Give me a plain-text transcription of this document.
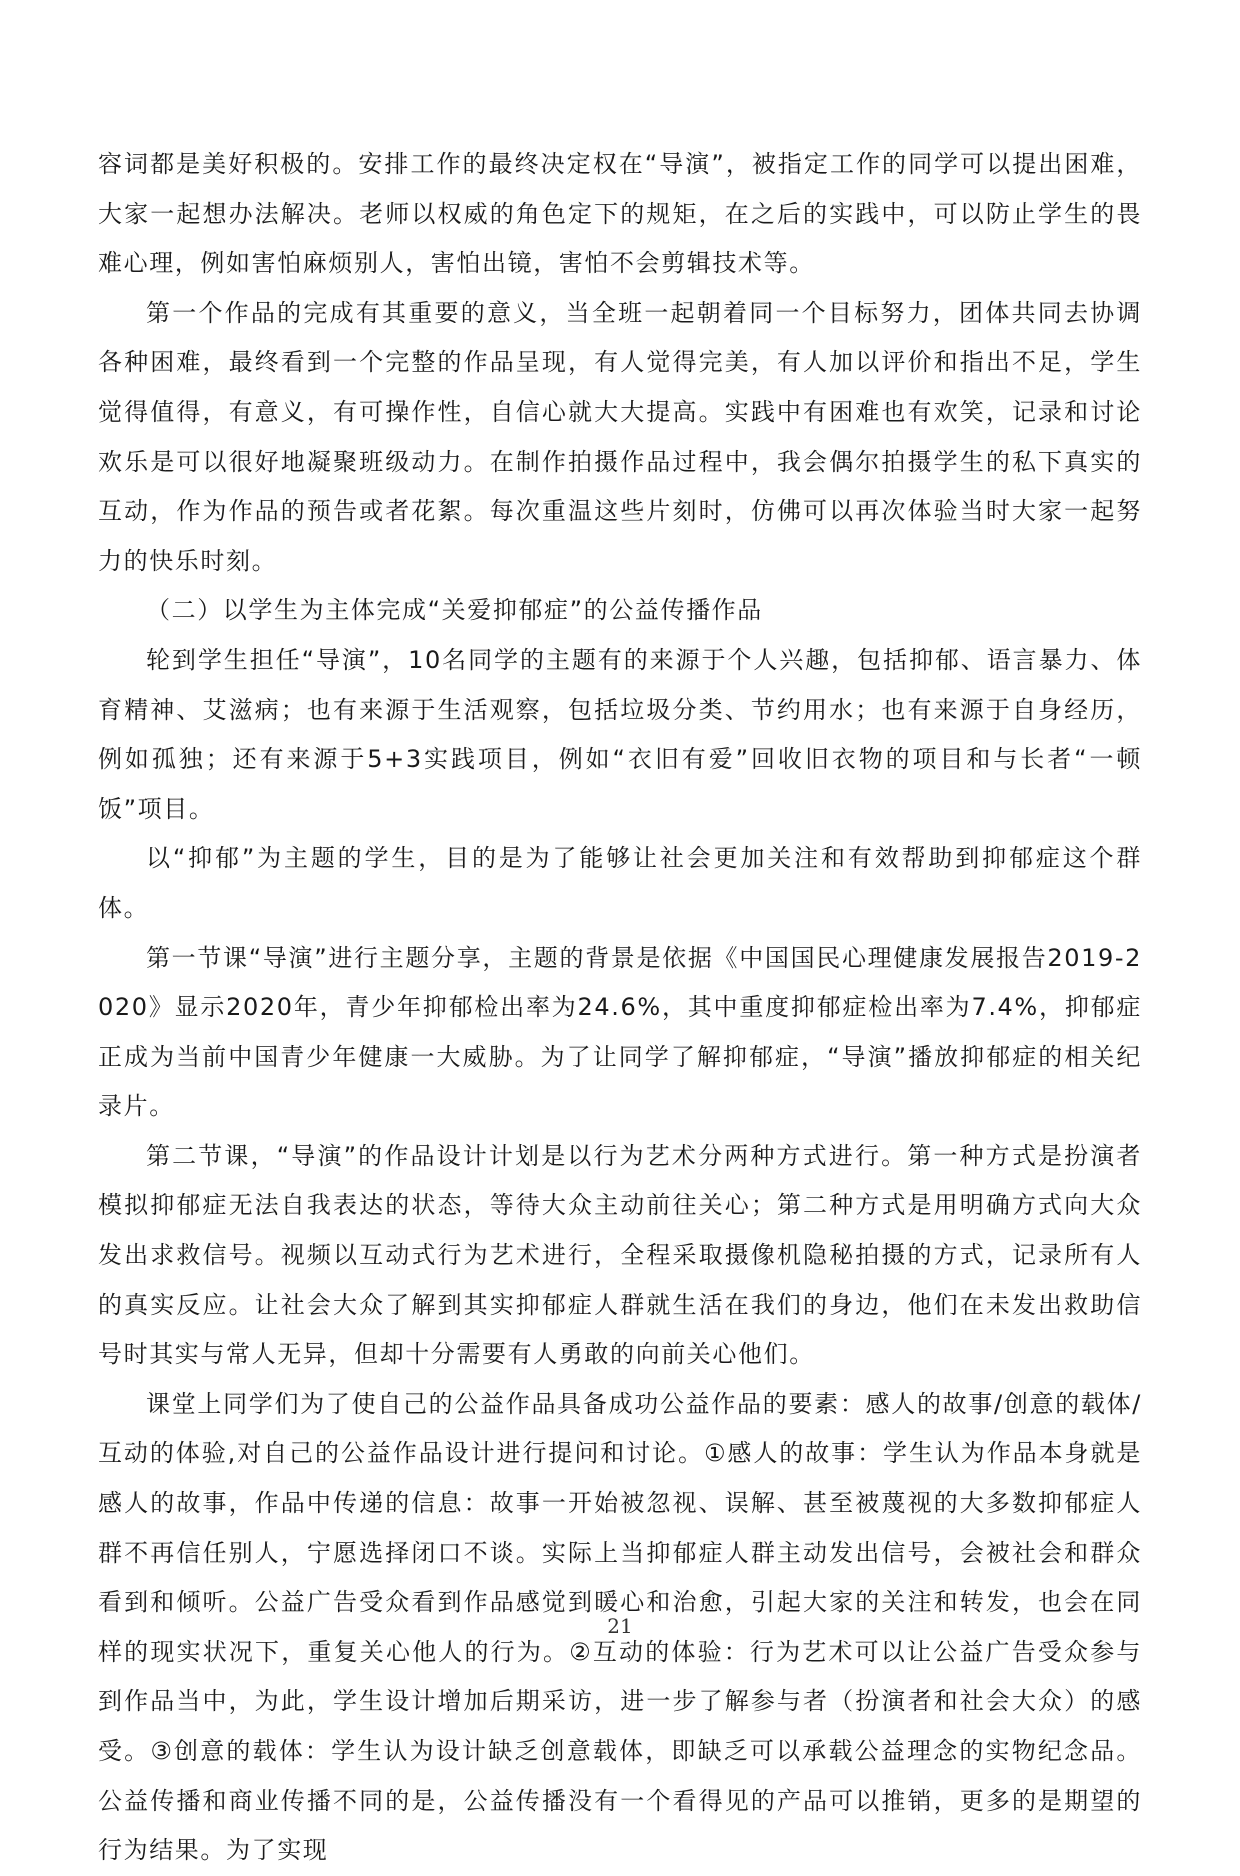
容词都是美好积极的。安排工作的最终决定权在“导演”，被指定工作的同学可以提出困难，大家一起想办法解决。老师以权威的角色定下的规矩，在之后的实践中，可以防止学生的畏难心理，例如害怕麻烦别人，害怕出镜，害怕不会剪辑技术等。

第一个作品的完成有其重要的意义，当全班一起朝着同一个目标努力，团体共同去协调各种困难，最终看到一个完整的作品呈现，有人觉得完美，有人加以评价和指出不足，学生觉得值得，有意义，有可操作性，自信心就大大提高。实践中有困难也有欢笑，记录和讨论欢乐是可以很好地凝聚班级动力。在制作拍摄作品过程中，我会偶尔拍摄学生的私下真实的互动，作为作品的预告或者花絮。每次重温这些片刻时，仿佛可以再次体验当时大家一起努力的快乐时刻。

（二）以学生为主体完成“关爱抑郁症”的公益传播作品

轮到学生担任“导演”，10名同学的主题有的来源于个人兴趣，包括抑郁、语言暴力、体育精神、艾滋病；也有来源于生活观察，包括垃圾分类、节约用水；也有来源于自身经历，例如孤独；还有来源于5+3实践项目，例如“衣旧有爱”回收旧衣物的项目和与长者“一顿饭”项目。

以“抑郁”为主题的学生，目的是为了能够让社会更加关注和有效帮助到抑郁症这个群体。

第一节课“导演”进行主题分享，主题的背景是依据《中国国民心理健康发展报告2019-2020》显示2020年，青少年抑郁检出率为24.6%，其中重度抑郁症检出率为7.4%，抑郁症正成为当前中国青少年健康一大威胁。为了让同学了解抑郁症，“导演”播放抑郁症的相关纪录片。

第二节课，“导演”的作品设计计划是以行为艺术分两种方式进行。第一种方式是扮演者模拟抑郁症无法自我表达的状态，等待大众主动前往关心；第二种方式是用明确方式向大众发出求救信号。视频以互动式行为艺术进行，全程采取摄像机隐秘拍摄的方式，记录所有人的真实反应。让社会大众了解到其实抑郁症人群就生活在我们的身边，他们在未发出救助信号时其实与常人无异，但却十分需要有人勇敢的向前关心他们。

课堂上同学们为了使自己的公益作品具备成功公益作品的要素：感人的故事/创意的载体/互动的体验,对自己的公益作品设计进行提问和讨论。①感人的故事：学生认为作品本身就是感人的故事，作品中传递的信息：故事一开始被忽视、误解、甚至被蔑视的大多数抑郁症人群不再信任别人，宁愿选择闭口不谈。实际上当抑郁症人群主动发出信号，会被社会和群众看到和倾听。公益广告受众看到作品感觉到暖心和治愈，引起大家的关注和转发，也会在同样的现实状况下，重复关心他人的行为。②互动的体验：行为艺术可以让公益广告受众参与到作品当中，为此，学生设计增加后期采访，进一步了解参与者（扮演者和社会大众）的感受。③创意的载体：学生认为设计缺乏创意载体，即缺乏可以承载公益理念的实物纪念品。公益传播和商业传播不同的是，公益传播没有一个看得见的产品可以推销，更多的是期望的行为结果。为了实现

21
